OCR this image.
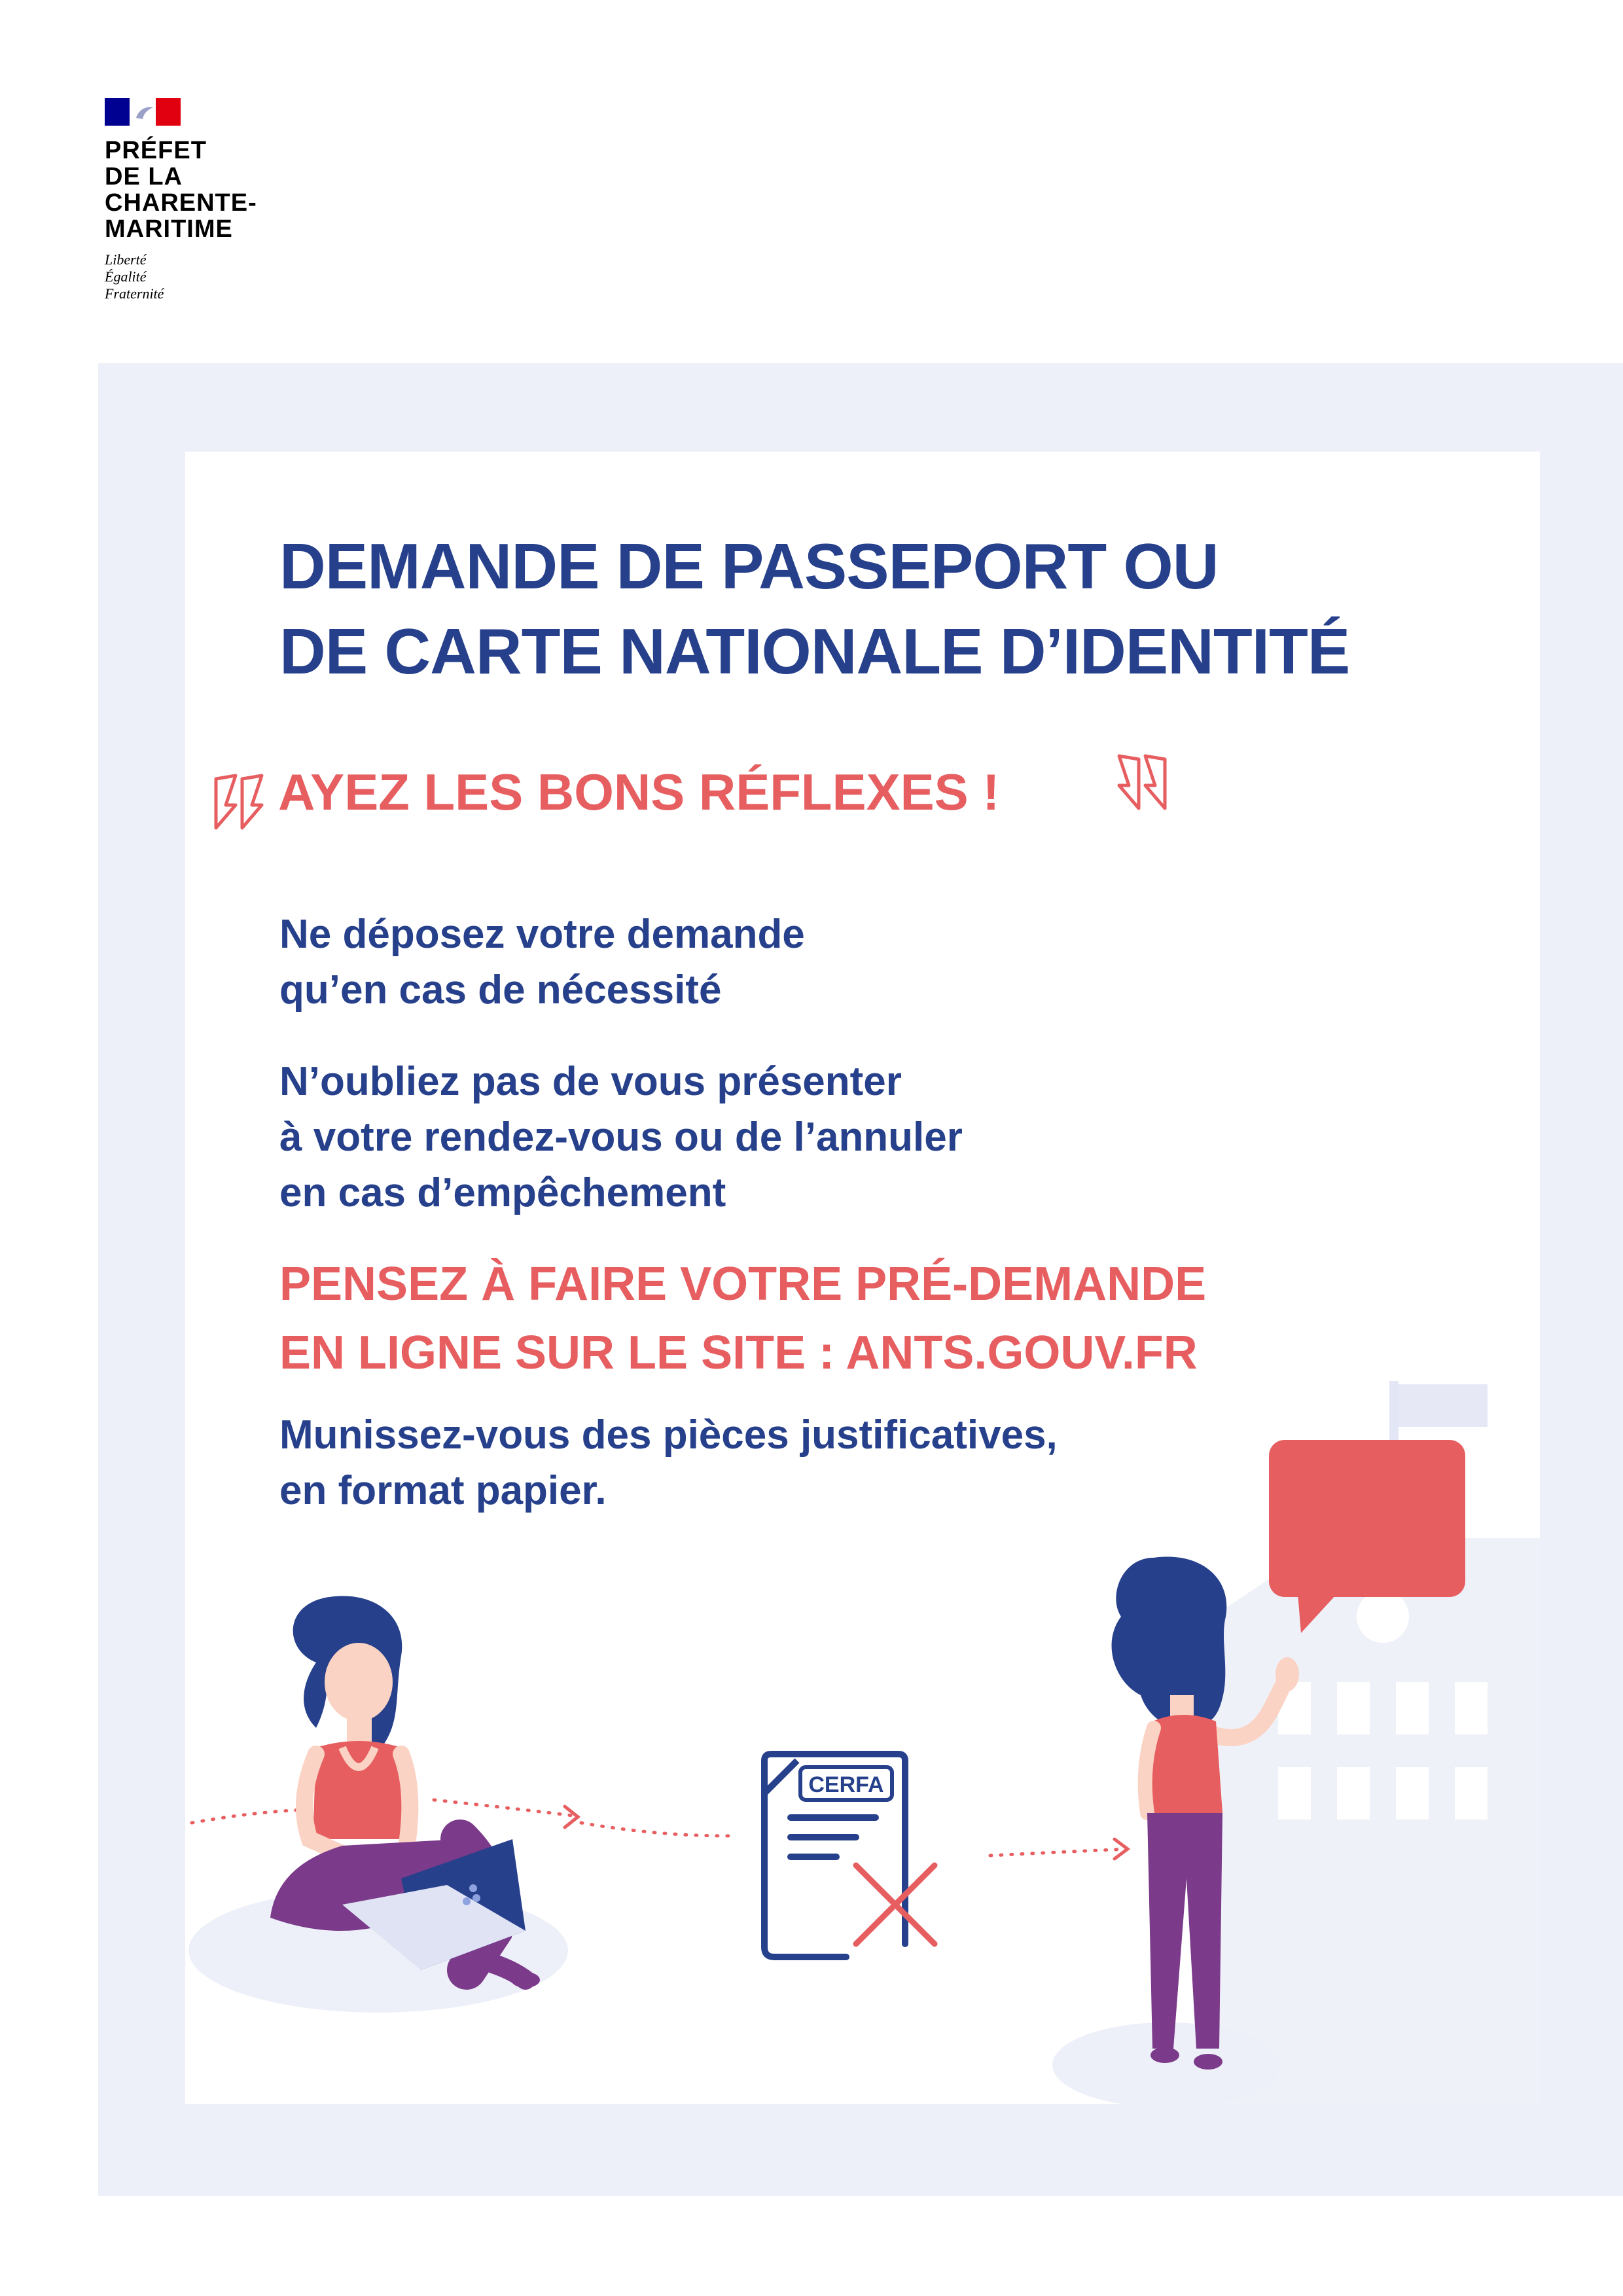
PRÉFET
DE LA
CHARENTE-
MARITIME
Liberté
Égalité
Fraternité
CERFA
DEMANDE DE PASSEPORT OU
DE CARTE NATIONALE D’IDENTITÉ
AYEZ LES BONS RÉFLEXES !
Ne déposez votre demande
qu’en cas de nécessité
N’oubliez pas de vous présenter
à votre rendez-vous ou de l’annuler
en cas d’empêchement
PENSEZ À FAIRE VOTRE PRÉ-DEMANDE
EN LIGNE SUR LE SITE : ANTS.GOUV.FR
Munissez-vous des pièces justificatives,
en format papier.
